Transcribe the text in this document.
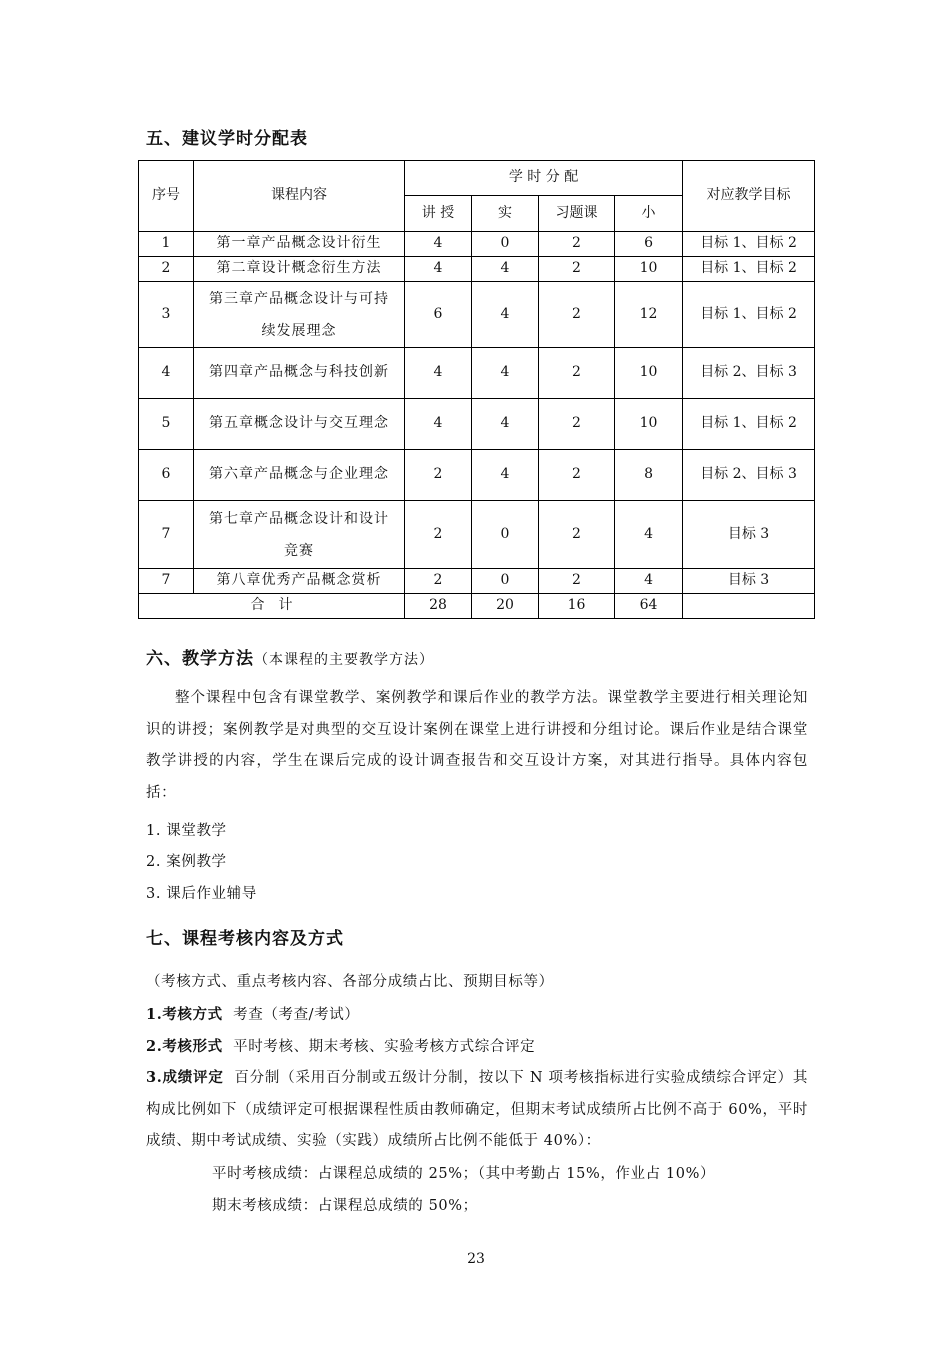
五、建议学时分配表
序号	课程内容	学 时 分 配				对应教学目标
		讲 授	实	习题课	小	
1	第一章产品概念设计衍生	4	0	2	6	目标 1、目标 2
2	第二章设计概念衍生方法	4	4	2	10	目标 1、目标 2
3	第三章产品概念设计与可持续发展理念	6	4	2	12	目标 1、目标 2
4	第四章产品概念与科技创新	4	4	2	10	目标 2、目标 3
5	第五章概念设计与交互理念	4	4	2	10	目标 1、目标 2
6	第六章产品概念与企业理念	2	4	2	8	目标 2、目标 3
7	第七章产品概念设计和设计竞赛	2	0	2	4	目标 3
7	第八章优秀产品概念赏析	2	0	2	4	目标 3
合　计		28	20	16	64	
六、教学方法（本课程的主要教学方法）
整个课程中包含有课堂教学、案例教学和课后作业的教学方法。课堂教学主要进行相关理论知识的讲授；案例教学是对典型的交互设计案例在课堂上进行讲授和分组讨论。课后作业是结合课堂教学讲授的内容，学生在课后完成的设计调查报告和交互设计方案，对其进行指导。具体内容包括：
1. 课堂教学
2. 案例教学
3. 课后作业辅导
七、课程考核内容及方式
（考核方式、重点考核内容、各部分成绩占比、预期目标等）
1.考核方式 考查（考查/考试）
2.考核形式 平时考核、期末考核、实验考核方式综合评定
3.成绩评定 百分制（采用百分制或五级计分制，按以下 N 项考核指标进行实验成绩综合评定）其构成比例如下（成绩评定可根据课程性质由教师确定，但期末考试成绩所占比例不高于 60%，平时成绩、期中考试成绩、实验（实践）成绩所占比例不能低于 40%）：
平时考核成绩：占课程总成绩的 25%；（其中考勤占 15%，作业占 10%）
期末考核成绩：占课程总成绩的 50%；
23
